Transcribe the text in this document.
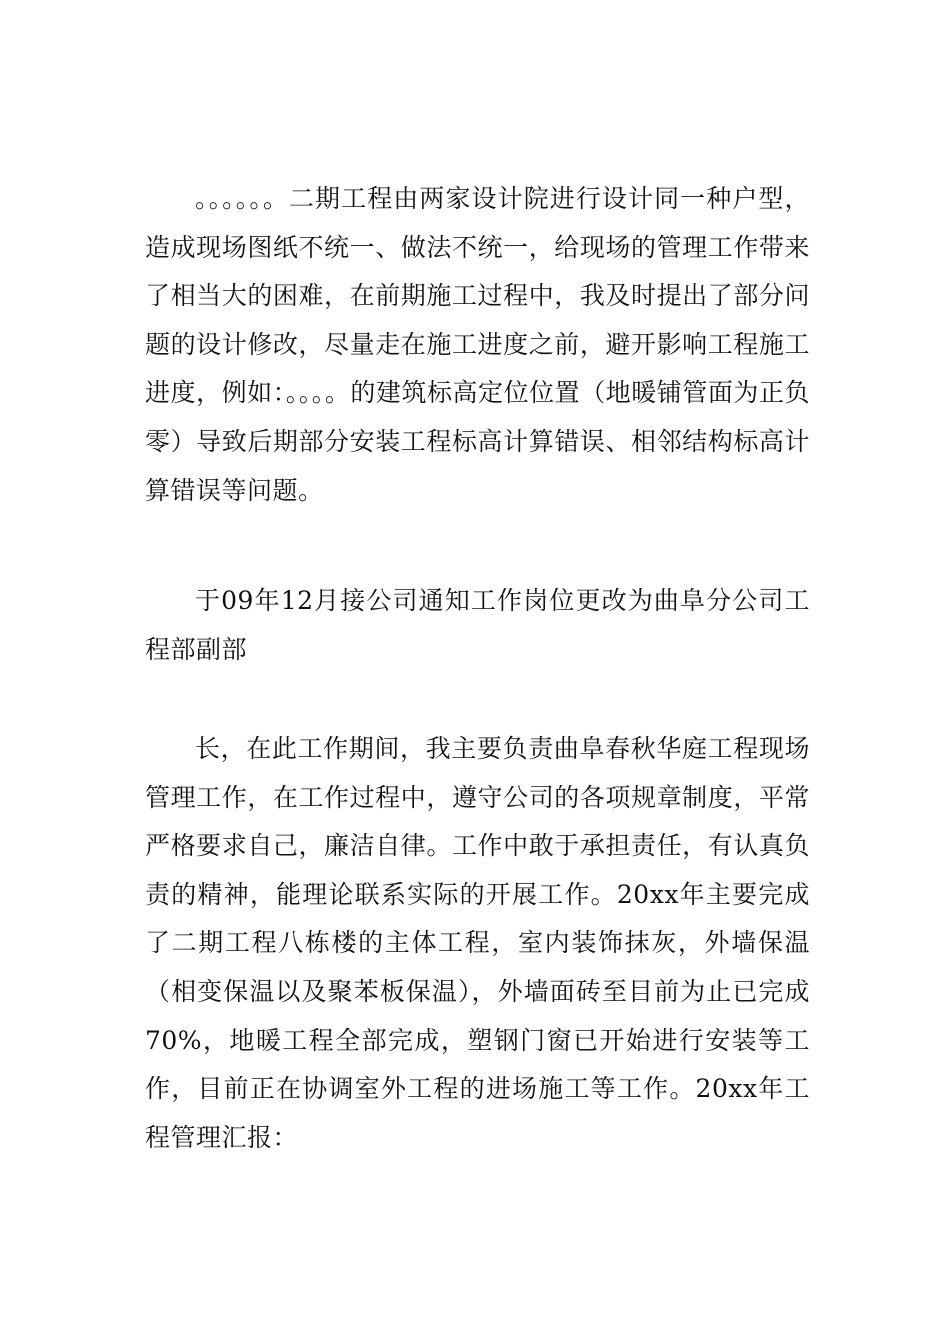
。。。。。。二期工程由两家设计院进行设计同一种户型，造成现场图纸不统一、做法不统一，给现场的管理工作带来了相当大的困难，在前期施工过程中，我及时提出了部分问题的设计修改，尽量走在施工进度之前，避开影响工程施工进度，例如：。。。。的建筑标高定位位置（地暖铺管面为正负零）导致后期部分安装工程标高计算错误、相邻结构标高计算错误等问题。

于09年12月接公司通知工作岗位更改为曲阜分公司工程部副部

长，在此工作期间，我主要负责曲阜春秋华庭工程现场管理工作，在工作过程中，遵守公司的各项规章制度，平常严格要求自己，廉洁自律。工作中敢于承担责任，有认真负责的精神，能理论联系实际的开展工作。20xx年主要完成了二期工程八栋楼的主体工程，室内装饰抹灰，外墙保温（相变保温以及聚苯板保温），外墙面砖至目前为止已完成70%，地暖工程全部完成，塑钢门窗已开始进行安装等工作，目前正在协调室外工程的进场施工等工作。20xx年工程管理汇报：
